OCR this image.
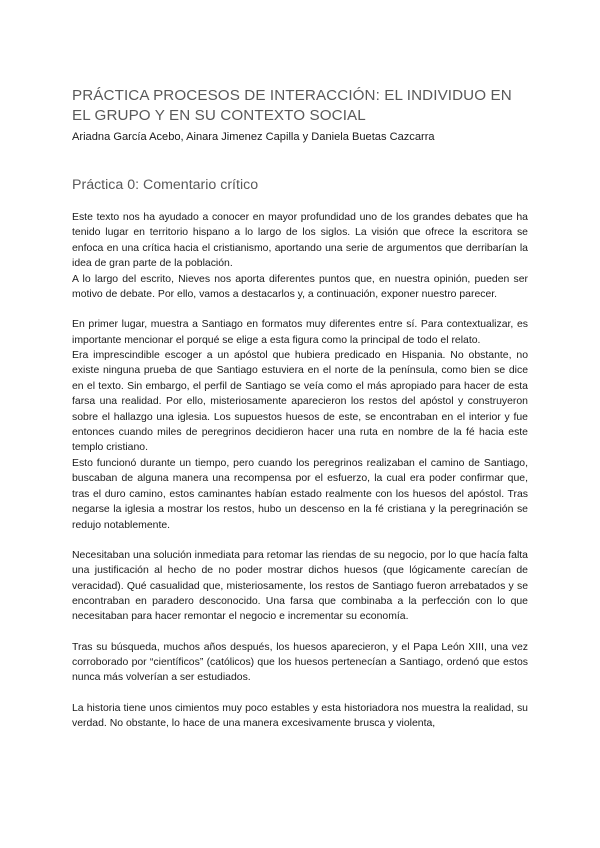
PRÁCTICA PROCESOS DE INTERACCIÓN: EL INDIVIDUO EN EL GRUPO Y EN SU CONTEXTO SOCIAL
Ariadna García Acebo, Ainara Jimenez Capilla y Daniela Buetas Cazcarra
Práctica 0: Comentario crítico

Este texto nos ha ayudado a conocer en mayor profundidad uno de los grandes debates que ha tenido lugar en territorio hispano a lo largo de los siglos. La visión que ofrece la escritora se enfoca en una crítica hacia el cristianismo, aportando una serie de argumentos que derribarían la idea de gran parte de la población.

A lo largo del escrito, Nieves nos aporta diferentes puntos que, en nuestra opinión, pueden ser motivo de debate. Por ello, vamos a destacarlos y, a continuación, exponer nuestro parecer.

En primer lugar, muestra a Santiago en formatos muy diferentes entre sí. Para contextualizar, es importante mencionar el porqué se elige a esta figura como la principal de todo el relato.

Era imprescindible escoger a un apóstol que hubiera predicado en Hispania. No obstante, no existe ninguna prueba de que Santiago estuviera en el norte de la península, como bien se dice en el texto. Sin embargo, el perfil de Santiago se veía como el más apropiado para hacer de esta farsa una realidad. Por ello, misteriosamente aparecieron los restos del apóstol y construyeron sobre el hallazgo una iglesia. Los supuestos huesos de este, se encontraban en el interior y fue entonces cuando miles de peregrinos decidieron hacer una ruta en nombre de la fé hacia este templo cristiano.

Esto funcionó durante un tiempo, pero cuando los peregrinos realizaban el camino de Santiago, buscaban de alguna manera una recompensa por el esfuerzo, la cual era poder confirmar que, tras el duro camino, estos caminantes habían estado realmente con los huesos del apóstol. Tras negarse la iglesia a mostrar los restos, hubo un descenso en la fé cristiana y la peregrinación se redujo notablemente.

Necesitaban una solución inmediata para retomar las riendas de su negocio, por lo que hacía falta una justificación al hecho de no poder mostrar dichos huesos (que lógicamente carecían de veracidad). Qué casualidad que, misteriosamente, los restos de Santiago fueron arrebatados y se encontraban en paradero desconocido. Una farsa que combinaba a la perfección con lo que necesitaban para hacer remontar el negocio e incrementar su economía.

Tras su búsqueda, muchos años después, los huesos aparecieron, y el Papa León XIII, una vez corroborado por “científicos” (católicos) que los huesos pertenecían a Santiago, ordenó que estos nunca más volverían a ser estudiados.

La historia tiene unos cimientos muy poco estables y esta historiadora nos muestra la realidad, su verdad. No obstante, lo hace de una manera excesivamente brusca y violenta,
